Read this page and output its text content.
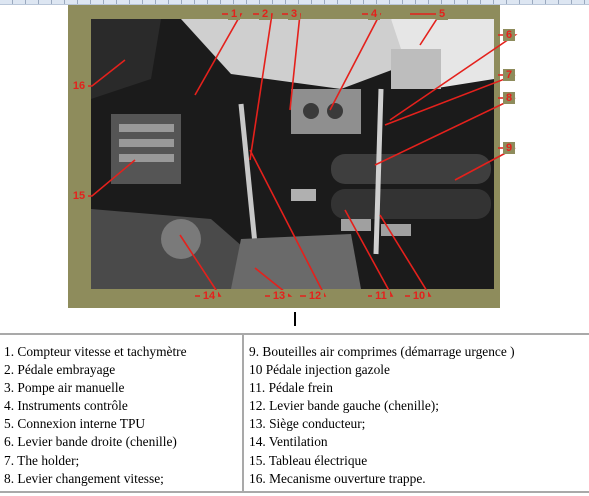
1 2 3	4	5
6
7
8
9
10
11
12
13
14
15
16
1. Compteur vitesse et tachymètre
2. Pédale embrayage
3. Pompe air manuelle
4. Instruments contrôle
5. Connexion interne TPU
6. Levier bande droite (chenille)
7. The holder;
8. Levier changement vitesse;
9. Bouteilles air comprimes (démarrage urgence )
10 Pédale injection gazole
11. Pédale frein
12. Levier bande gauche (chenille);
13. Siège conducteur;
14. Ventilation
15. Tableau électrique
16. Mecanisme ouverture trappe.
